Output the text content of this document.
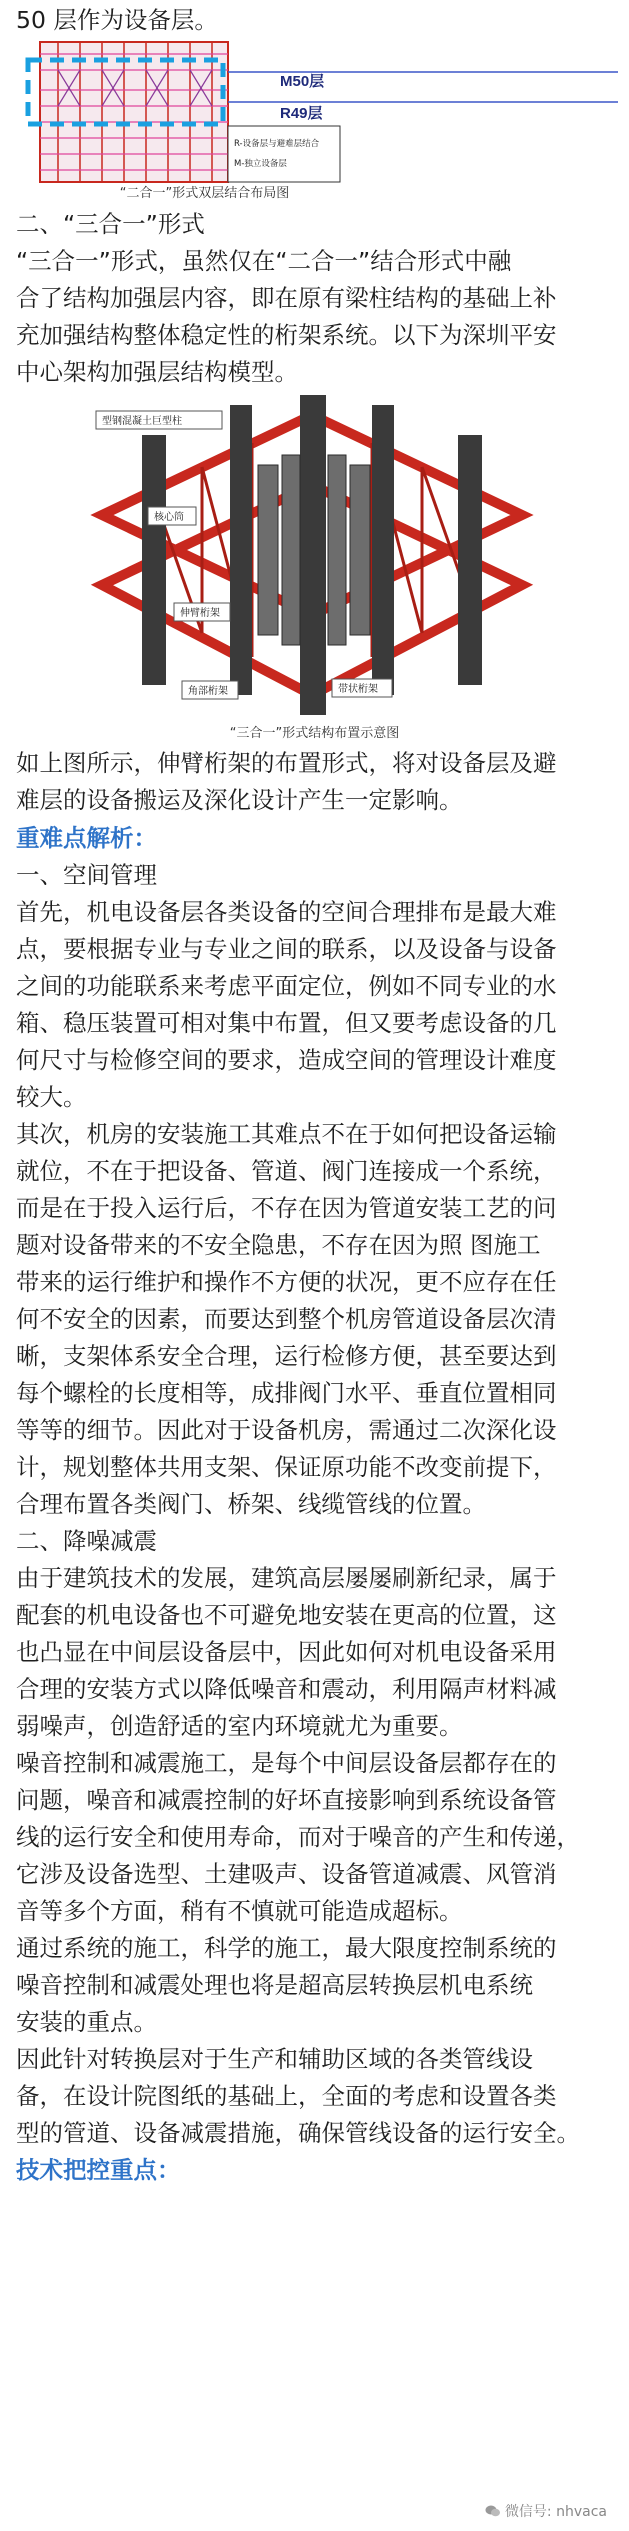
50 层作为设备层。
M50层
R49层
R-设备层与避难层结合
M-独立设备层
“二合一”形式双层结合布局图
二、“三合一”形式
“三合一”形式，虽然仅在“二合一”结合形式中融
合了结构加强层内容，即在原有梁柱结构的基础上补
充加强结构整体稳定性的桁架系统。以下为深圳平安
中心架构加强层结构模型。
型钢混凝土巨型柱
核心筒
伸臂桁架
角部桁架	带状桁架
“三合一”形式结构布置示意图
如上图所示，伸臂桁架的布置形式，将对设备层及避
难层的设备搬运及深化设计产生一定影响。
重难点解析：
一、空间管理
首先，机电设备层各类设备的空间合理排布是最大难
点，要根据专业与专业之间的联系，以及设备与设备
之间的功能联系来考虑平面定位，例如不同专业的水
箱、稳压装置可相对集中布置，但又要考虑设备的几
何尺寸与检修空间的要求，造成空间的管理设计难度
较大。
其次，机房的安装施工其难点不在于如何把设备运输
就位，不在于把设备、管道、阀门连接成一个系统，
而是在于投入运行后，不存在因为管道安装工艺的问
题对设备带来的不安全隐患，不存在因为照 图施工
带来的运行维护和操作不方便的状况，更不应存在任
何不安全的因素，而要达到整个机房管道设备层次清
晰，支架体系安全合理，运行检修方便，甚至要达到
每个螺栓的长度相等，成排阀门水平、垂直位置相同
等等的细节。因此对于设备机房，需通过二次深化设
计，规划整体共用支架、保证原功能不改变前提下，
合理布置各类阀门、桥架、线缆管线的位置。
二、降噪减震
由于建筑技术的发展，建筑高层屡屡刷新纪录，属于
配套的机电设备也不可避免地安装在更高的位置，这
也凸显在中间层设备层中，因此如何对机电设备采用
合理的安装方式以降低噪音和震动，利用隔声材料减
弱噪声，创造舒适的室内环境就尤为重要。
噪音控制和减震施工，是每个中间层设备层都存在的
问题，噪音和减震控制的好坏直接影响到系统设备管
线的运行安全和使用寿命，而对于噪音的产生和传递，
它涉及设备选型、土建吸声、设备管道减震、风管消
音等多个方面，稍有不慎就可能造成超标。
通过系统的施工，科学的施工，最大限度控制系统的
噪音控制和减震处理也将是超高层转换层机电系统
安装的重点。
因此针对转换层对于生产和辅助区域的各类管线设
备，在设计院图纸的基础上，全面的考虑和设置各类
型的管道、设备减震措施，确保管线设备的运行安全。
技术把控重点：
微信号: nhvaca
